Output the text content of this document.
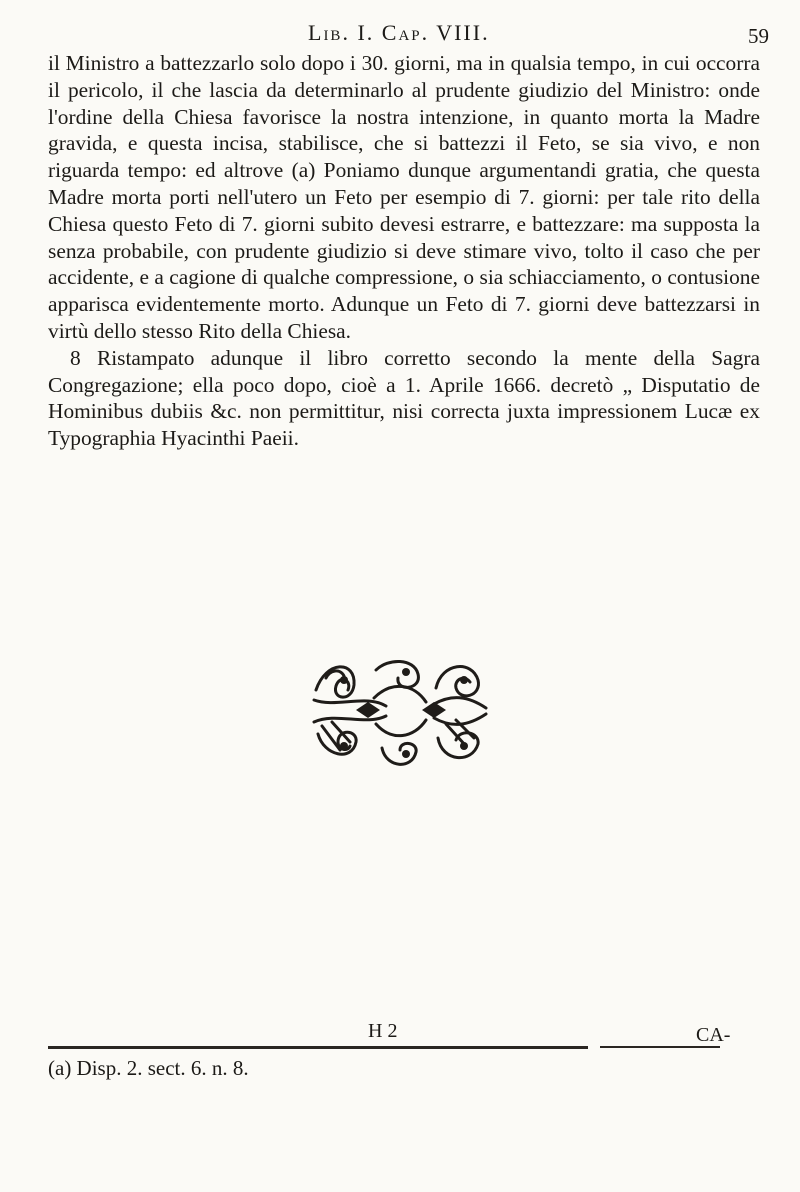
Lib. I. Cap. VIII.	59

il Ministro a battezzarlo solo dopo i 30. giorni, ma in qualsia tempo, in cui occorra il pericolo, il che lascia da determinarlo al prudente giudizio del Ministro: onde l'ordine della Chiesa favorisce la nostra intenzione, in quanto morta la Madre gravida, e questa incisa, stabilisce, che si battezzi il Feto, se sia vivo, e non riguarda tempo: ed altrove (a) Poniamo dunque argumentandi gratia, che questa Madre morta porti nell'utero un Feto per esempio di 7. giorni: per tale rito della Chiesa questo Feto di 7. giorni subito devesi estrarre, e battezzare: ma supposta la senza probabile, con prudente giudizio si deve stimare vivo, tolto il caso che per accidente, e a cagione di qualche compressione, o sia schiacciamento, o contusione apparisca evidentemente morto. Adunque un Feto di 7. giorni deve battezzarsi in virtù dello stesso Rito della Chiesa.

8 Ristampato adunque il libro corretto secondo la mente della Sagra Congregazione; ella poco dopo, cioè a 1. Aprile 1666. decretò „ Disputatio de Hominibus dubiis &c. non permittitur, nisi correcta juxta impressionem Lucæ ex Typographia Hyacinthi Paeii.

H 2	CA-
(a) Disp. 2. sect. 6. n. 8.
